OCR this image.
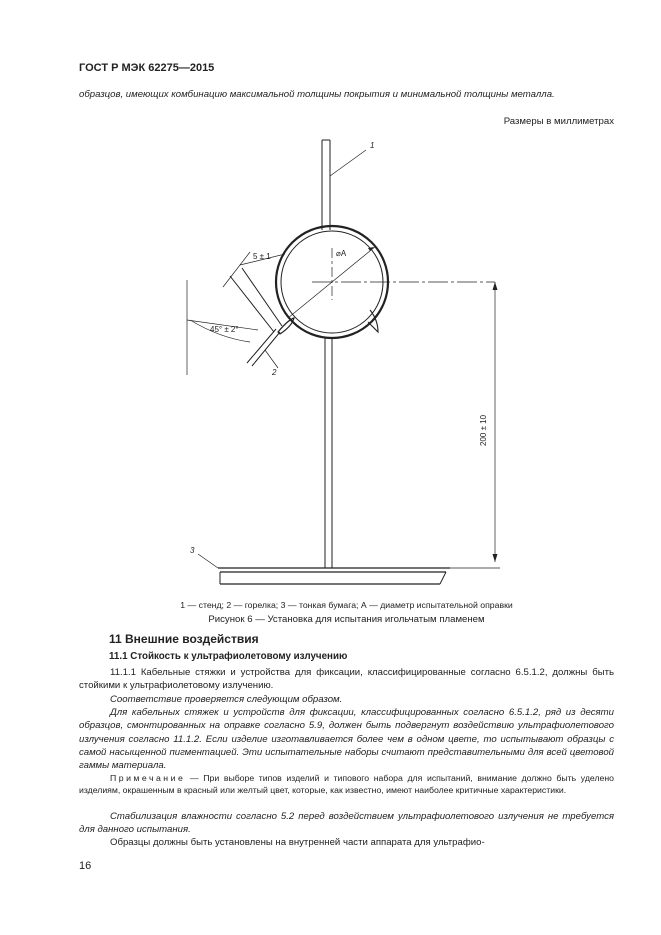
ГОСТ Р МЭК 62275—2015
образцов, имеющих комбинацию максимальной толщины покрытия и минимальной толщины металла.
Размеры в миллиметрах
1
2
3
5 ± 1
45° ± 2°
⌀A
200 ± 10
1 — стенд; 2 — горелка; 3 — тонкая бумага; А — диаметр испытательной оправки
Рисунок 6 — Установка для испытания игольчатым пламенем
11 Внешние воздействия
11.1 Стойкость к ультрафиолетовому излучению
11.1.1 Кабельные стяжки и устройства для фиксации, классифицированные согласно 6.5.1.2, должны быть стойкими к ультрафиолетовому излучению.
Соответствие проверяется следующим образом.
Для кабельных стяжек и устройств для фиксации, классифицированных согласно 6.5.1.2, ряд из десяти образцов, смонтированных на оправке согласно 5.9, должен быть подвергнут воздействию ультрафиолетового излучения согласно 11.1.2. Если изделие изготавливается более чем в одном цвете, то испытывают образцы с самой насыщенной пигментацией. Эти испытательные наборы считают представительными для всей цветовой гаммы материала.
Примечание — При выборе типов изделий и типового набора для испытаний, внимание должно быть уделено изделиям, окрашенным в красный или желтый цвет, которые, как известно, имеют наиболее критичные характеристики.
Стабилизация влажности согласно 5.2 перед воздействием ультрафиолетового излучения не требуется для данного испытания.
Образцы должны быть установлены на внутренней части аппарата для ультрафио-
16
